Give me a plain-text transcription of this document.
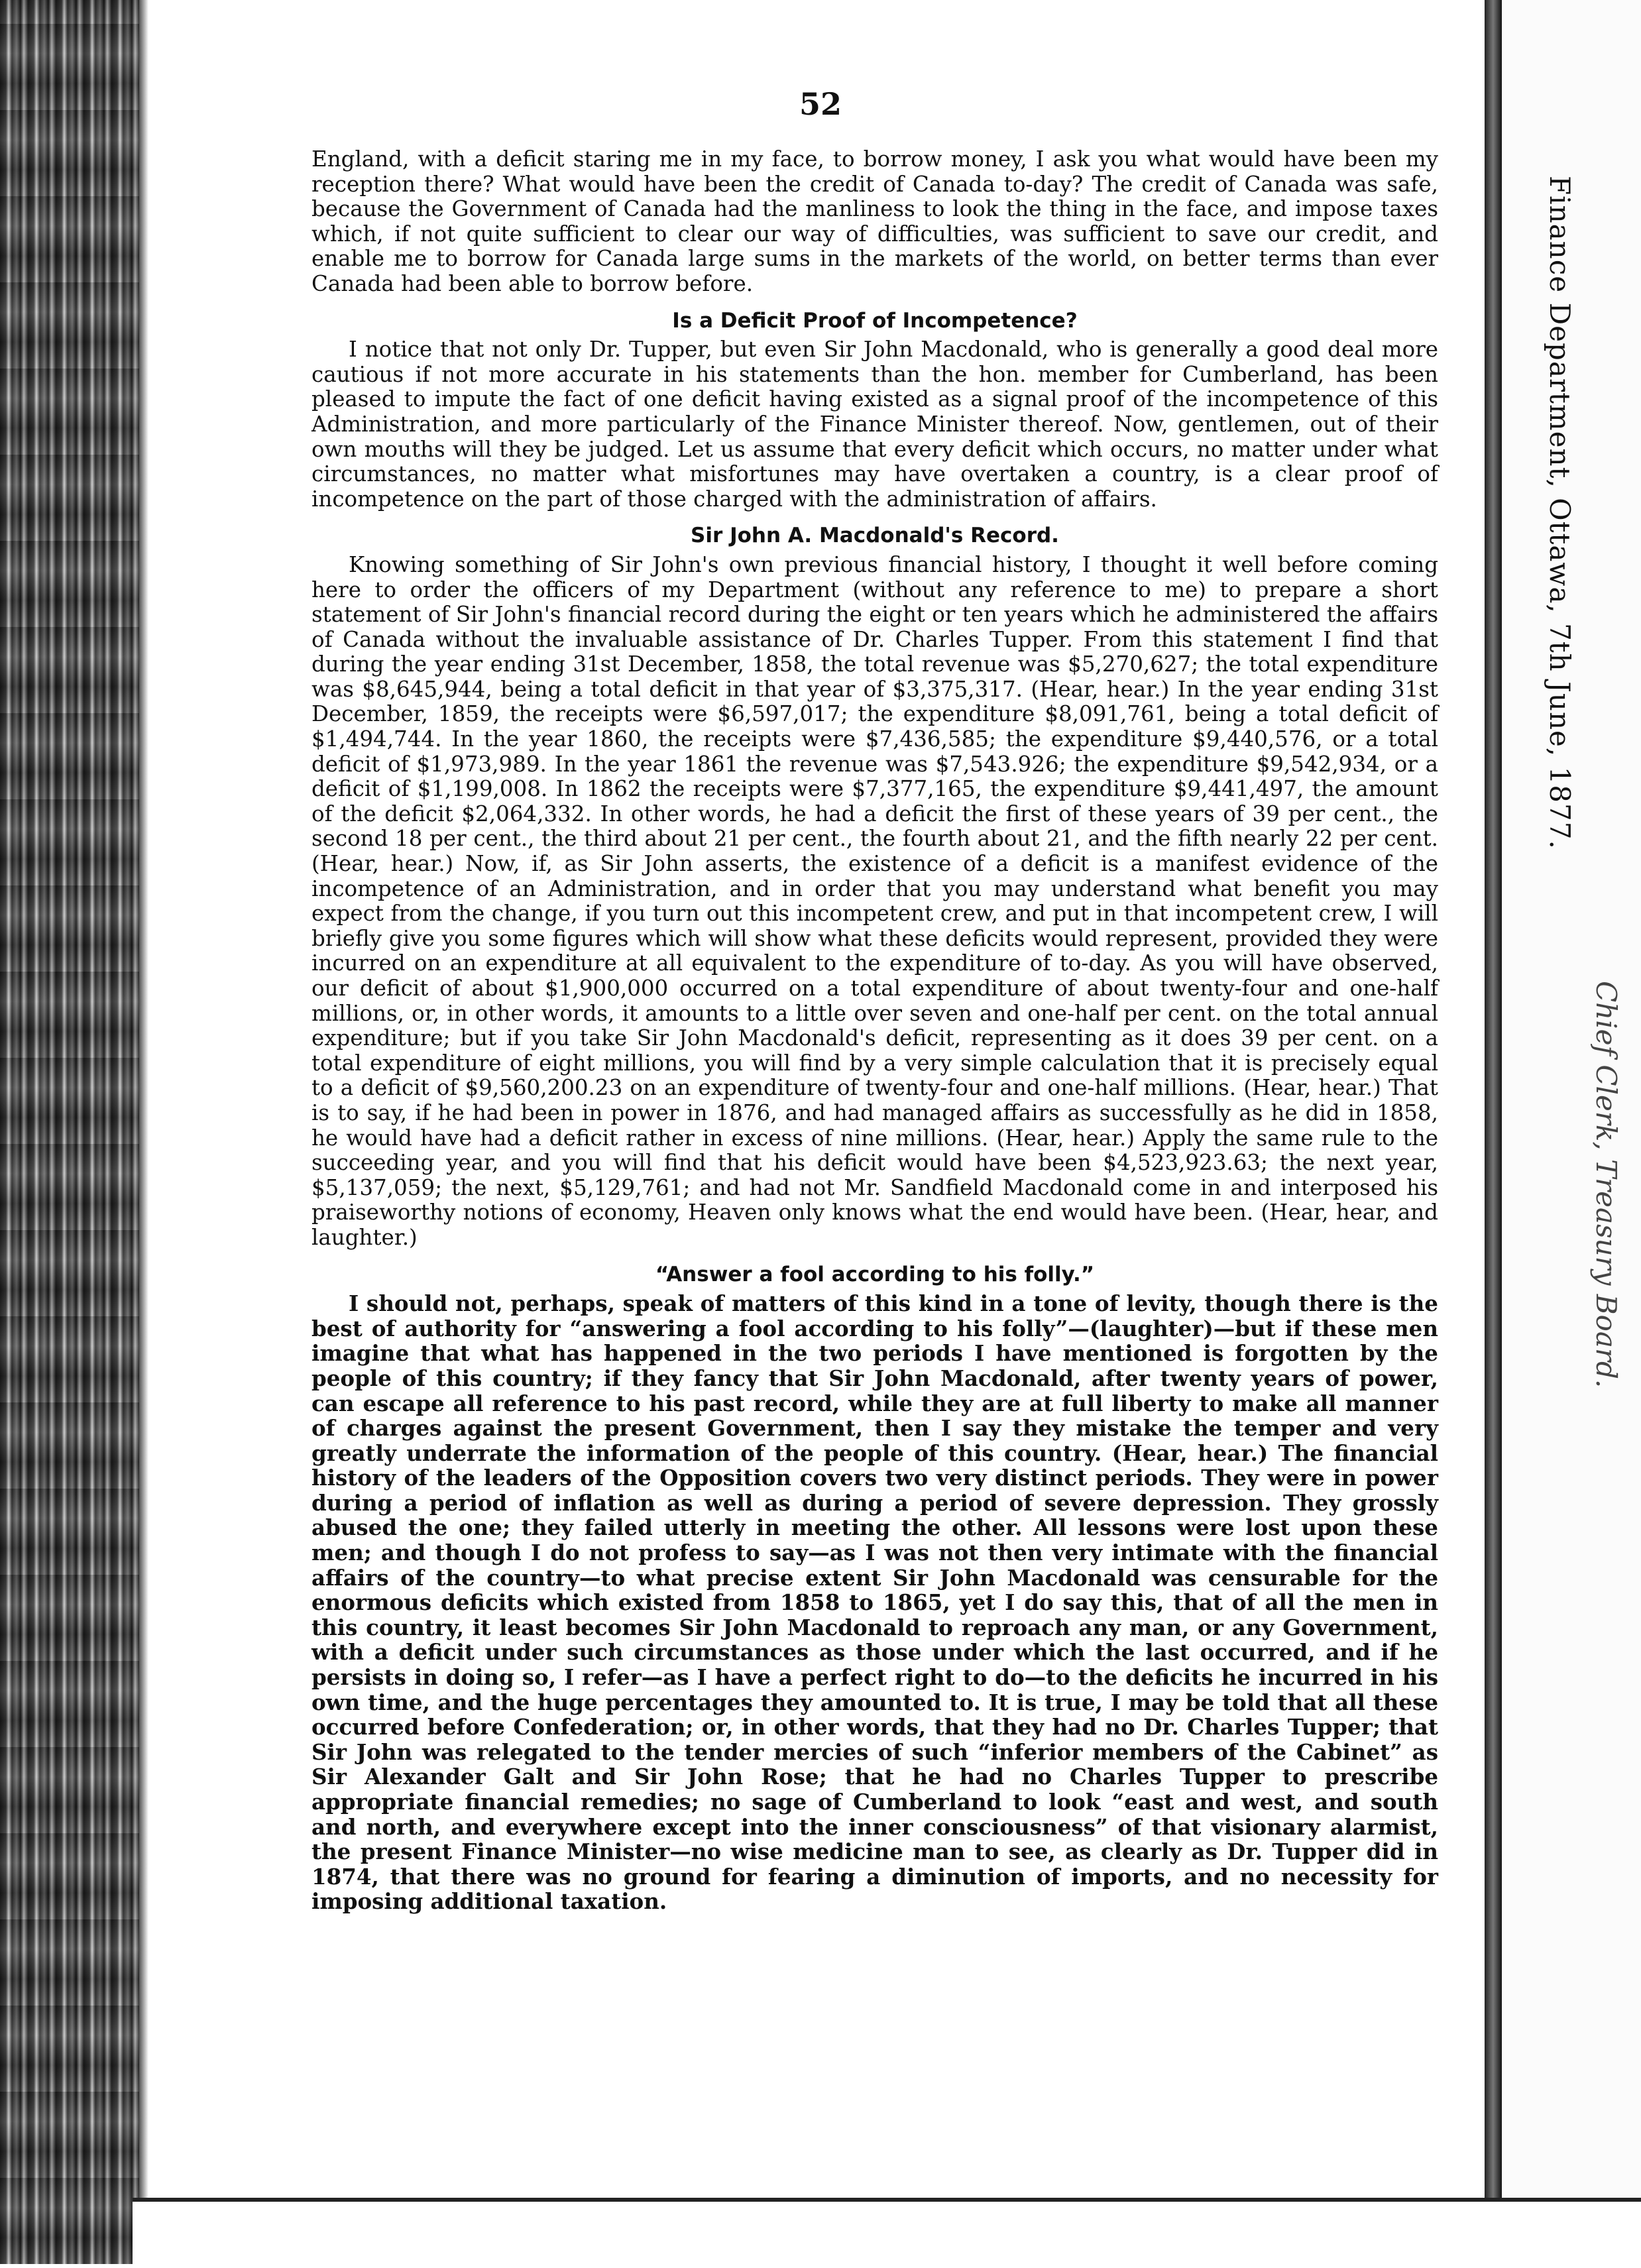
Finance Department, Ottawa, 7th June, 1877.
Chief Clerk, Treasury Board.
52

England, with a deficit staring me in my face, to borrow money, I ask you what would have been my reception there? What would have been the credit of Canada to-day? The credit of Canada was safe, because the Government of Canada had the manliness to look the thing in the face, and impose taxes which, if not quite sufficient to clear our way of difficulties, was sufficient to save our credit, and enable me to borrow for Canada large sums in the markets of the world, on better terms than ever Canada had been able to borrow before.

Is a Deficit Proof of Incompetence?

I notice that not only Dr. Tupper, but even Sir John Macdonald, who is generally a good deal more cautious if not more accurate in his statements than the hon. member for Cumberland, has been pleased to impute the fact of one deficit having existed as a signal proof of the incompetence of this Administration, and more particularly of the Finance Minister thereof. Now, gentlemen, out of their own mouths will they be judged. Let us assume that every deficit which occurs, no matter under what circumstances, no matter what misfortunes may have overtaken a country, is a clear proof of incompetence on the part of those charged with the administration of affairs.

Sir John A. Macdonald's Record.

Knowing something of Sir John's own previous financial history, I thought it well before coming here to order the officers of my Department (without any reference to me) to prepare a short statement of Sir John's financial record during the eight or ten years which he administered the affairs of Canada without the invaluable assistance of Dr. Charles Tupper. From this statement I find that during the year ending 31st December, 1858, the total revenue was $5,270,627; the total expenditure was $8,645,944, being a total deficit in that year of $3,375,317. (Hear, hear.) In the year ending 31st December, 1859, the receipts were $6,597,017; the expenditure $8,091,761, being a total deficit of $1,494,744. In the year 1860, the receipts were $7,436,585; the expenditure $9,440,576, or a total deficit of $1,973,989. In the year 1861 the revenue was $7,543.926; the expenditure $9,542,934, or a deficit of $1,199,008. In 1862 the receipts were $7,377,165, the expenditure $9,441,497, the amount of the deficit $2,064,332. In other words, he had a deficit the first of these years of 39 per cent., the second 18 per cent., the third about 21 per cent., the fourth about 21, and the fifth nearly 22 per cent. (Hear, hear.) Now, if, as Sir John asserts, the existence of a deficit is a manifest evidence of the incompetence of an Administration, and in order that you may understand what benefit you may expect from the change, if you turn out this incompetent crew, and put in that incompetent crew, I will briefly give you some figures which will show what these deficits would represent, provided they were incurred on an expenditure at all equivalent to the expenditure of to-day. As you will have observed, our deficit of about $1,900,000 occurred on a total expenditure of about twenty-four and one-half millions, or, in other words, it amounts to a little over seven and one-half per cent. on the total annual expenditure; but if you take Sir John Macdonald's deficit, representing as it does 39 per cent. on a total expenditure of eight millions, you will find by a very simple calculation that it is precisely equal to a deficit of $9,560,200.23 on an expenditure of twenty-four and one-half millions. (Hear, hear.) That is to say, if he had been in power in 1876, and had managed affairs as successfully as he did in 1858, he would have had a deficit rather in excess of nine millions. (Hear, hear.) Apply the same rule to the succeeding year, and you will find that his deficit would have been $4,523,923.63; the next year, $5,137,059; the next, $5,129,761; and had not Mr. Sandfield Macdonald come in and interposed his praiseworthy notions of economy, Heaven only knows what the end would have been. (Hear, hear, and laughter.)

“Answer a fool according to his folly.”

I should not, perhaps, speak of matters of this kind in a tone of levity, though there is the best of authority for “answering a fool according to his folly”—(laughter)—but if these men imagine that what has happened in the two periods I have mentioned is forgotten by the people of this country; if they fancy that Sir John Macdonald, after twenty years of power, can escape all reference to his past record, while they are at full liberty to make all manner of charges against the present Government, then I say they mistake the temper and very greatly underrate the information of the people of this country. (Hear, hear.) The financial history of the leaders of the Opposition covers two very distinct periods. They were in power during a period of inflation as well as during a period of severe depression. They grossly abused the one; they failed utterly in meeting the other. All lessons were lost upon these men; and though I do not profess to say—as I was not then very intimate with the financial affairs of the country—to what precise extent Sir John Macdonald was censurable for the enormous deficits which existed from 1858 to 1865, yet I do say this, that of all the men in this country, it least becomes Sir John Macdonald to reproach any man, or any Government, with a deficit under such circumstances as those under which the last occurred, and if he persists in doing so, I refer—as I have a perfect right to do—to the deficits he incurred in his own time, and the huge percentages they amounted to. It is true, I may be told that all these occurred before Confederation; or, in other words, that they had no Dr. Charles Tupper; that Sir John was relegated to the tender mercies of such “inferior members of the Cabinet” as Sir Alexander Galt and Sir John Rose; that he had no Charles Tupper to prescribe appropriate financial remedies; no sage of Cumberland to look “east and west, and south and north, and everywhere except into the inner consciousness” of that visionary alarmist, the present Finance Minister—no wise medicine man to see, as clearly as Dr. Tupper did in 1874, that there was no ground for fearing a diminution of imports, and no necessity for imposing additional taxation.
